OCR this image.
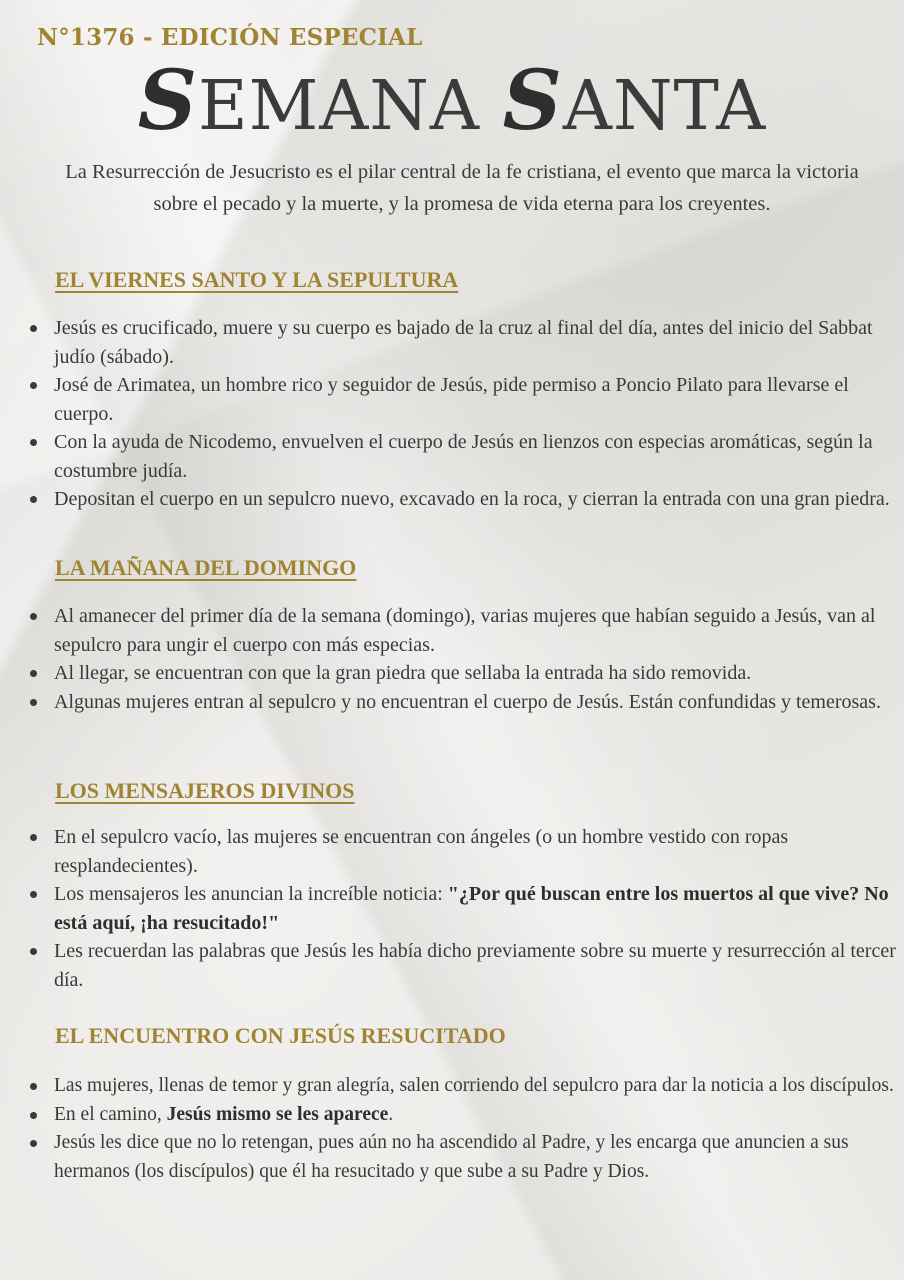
N°1376 - EDICIÓN ESPECIAL
SEMANA SANTA

La Resurrección de Jesucristo es el pilar central de la fe cristiana, el evento que marca la victoria sobre el pecado y la muerte, y la promesa de vida eterna para los creyentes.

EL VIERNES SANTO Y LA SEPULTURA
Jesús es crucificado, muere y su cuerpo es bajado de la cruz al final del día, antes del inicio del Sabbat judío (sábado).
José de Arimatea, un hombre rico y seguidor de Jesús, pide permiso a Poncio Pilato para llevarse el cuerpo.
Con la ayuda de Nicodemo, envuelven el cuerpo de Jesús en lienzos con especias aromáticas, según la costumbre judía.
Depositan el cuerpo en un sepulcro nuevo, excavado en la roca, y cierran la entrada con una gran piedra.
LA MAÑANA DEL DOMINGO
Al amanecer del primer día de la semana (domingo), varias mujeres que habían seguido a Jesús, van al sepulcro para ungir el cuerpo con más especias.
Al llegar, se encuentran con que la gran piedra que sellaba la entrada ha sido removida.
Algunas mujeres entran al sepulcro y no encuentran el cuerpo de Jesús. Están confundidas y temerosas.
LOS MENSAJEROS DIVINOS
En el sepulcro vacío, las mujeres se encuentran con ángeles (o un hombre vestido con ropas resplandecientes).
Los mensajeros les anuncian la increíble noticia: "¿Por qué buscan entre los muertos al que vive? No está aquí, ¡ha resucitado!"
Les recuerdan las palabras que Jesús les había dicho previamente sobre su muerte y resurrección al tercer día.
EL ENCUENTRO CON JESÚS RESUCITADO
Las mujeres, llenas de temor y gran alegría, salen corriendo del sepulcro para dar la noticia a los discípulos.
En el camino, Jesús mismo se les aparece.
Jesús les dice que no lo retengan, pues aún no ha ascendido al Padre, y les encarga que anuncien a sus hermanos (los discípulos) que él ha resucitado y que sube a su Padre y Dios.
